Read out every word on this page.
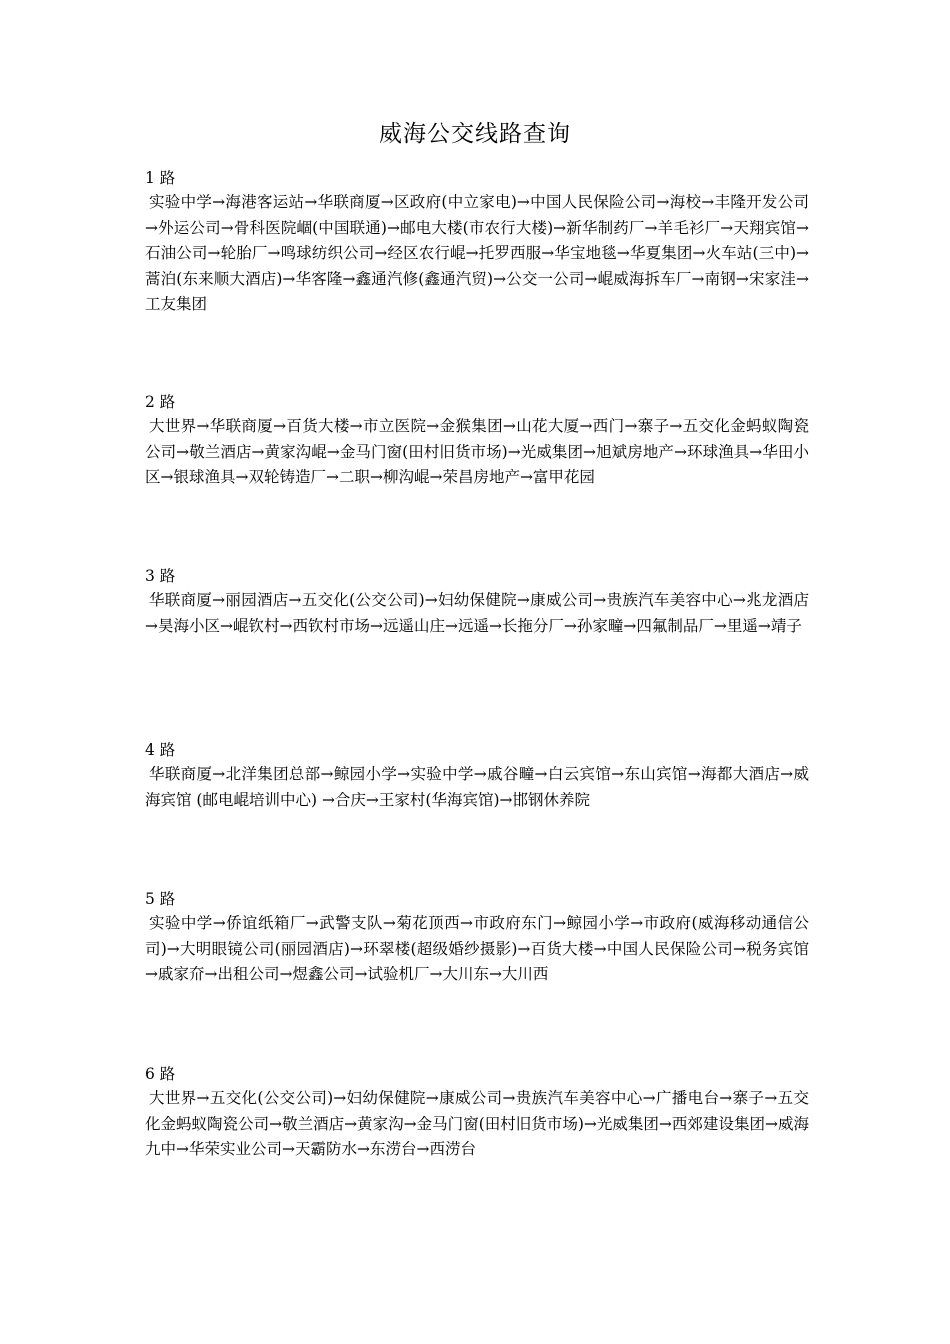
威海公交线路查询

1 路

实验中学→海港客运站→华联商厦→区政府(中立家电)→中国人民保险公司→海校→丰隆开发公司→外运公司→骨科医院崓(中国联通)→邮电大楼(市农行大楼)→新华制药厂→羊毛衫厂→天翔宾馆→石油公司→轮胎厂→鸣球纺织公司→经区农行崐→托罗西服→华宝地毯→华夏集团→火车站(三中)→蒿泊(东来顺大酒店)→华客隆→鑫通汽修(鑫通汽贸)→公交一公司→崐威海拆车厂→南钢→宋家洼→工友集团

2 路

大世界→华联商厦→百货大楼→市立医院→金猴集团→山花大厦→西门→寨子→五交化金蚂蚁陶瓷公司→敬兰酒店→黄家沟崐→金马门窗(田村旧货市场)→光威集团→旭斌房地产→环球渔具→华田小区→银球渔具→双轮铸造厂→二职→柳沟崐→荣昌房地产→富甲花园

3 路

华联商厦→丽园酒店→五交化(公交公司)→妇幼保健院→康威公司→贵族汽车美容中心→兆龙酒店→昊海小区→崐钦村→西钦村市场→远遥山庄→远遥→长拖分厂→孙家疃→四氟制品厂→里遥→靖子

4 路

华联商厦→北洋集团总部→鲸园小学→实验中学→戚谷疃→白云宾馆→东山宾馆→海都大酒店→威海宾馆 (邮电崐培训中心) →合庆→王家村(华海宾馆)→邯钢休养院

5 路

实验中学→侨谊纸箱厂→武警支队→菊花顶西→市政府东门→鲸园小学→市政府(威海移动通信公司)→大明眼镜公司(丽园酒店)→环翠楼(超级婚纱摄影)→百货大楼→中国人民保险公司→税务宾馆→戚家夼→出租公司→煜鑫公司→试验机厂→大川东→大川西

6 路

大世界→五交化(公交公司)→妇幼保健院→康威公司→贵族汽车美容中心→广播电台→寨子→五交化金蚂蚁陶瓷公司→敬兰酒店→黄家沟→金马门窗(田村旧货市场)→光威集团→西郊建设集团→威海九中→华荣实业公司→天霸防水→东涝台→西涝台
